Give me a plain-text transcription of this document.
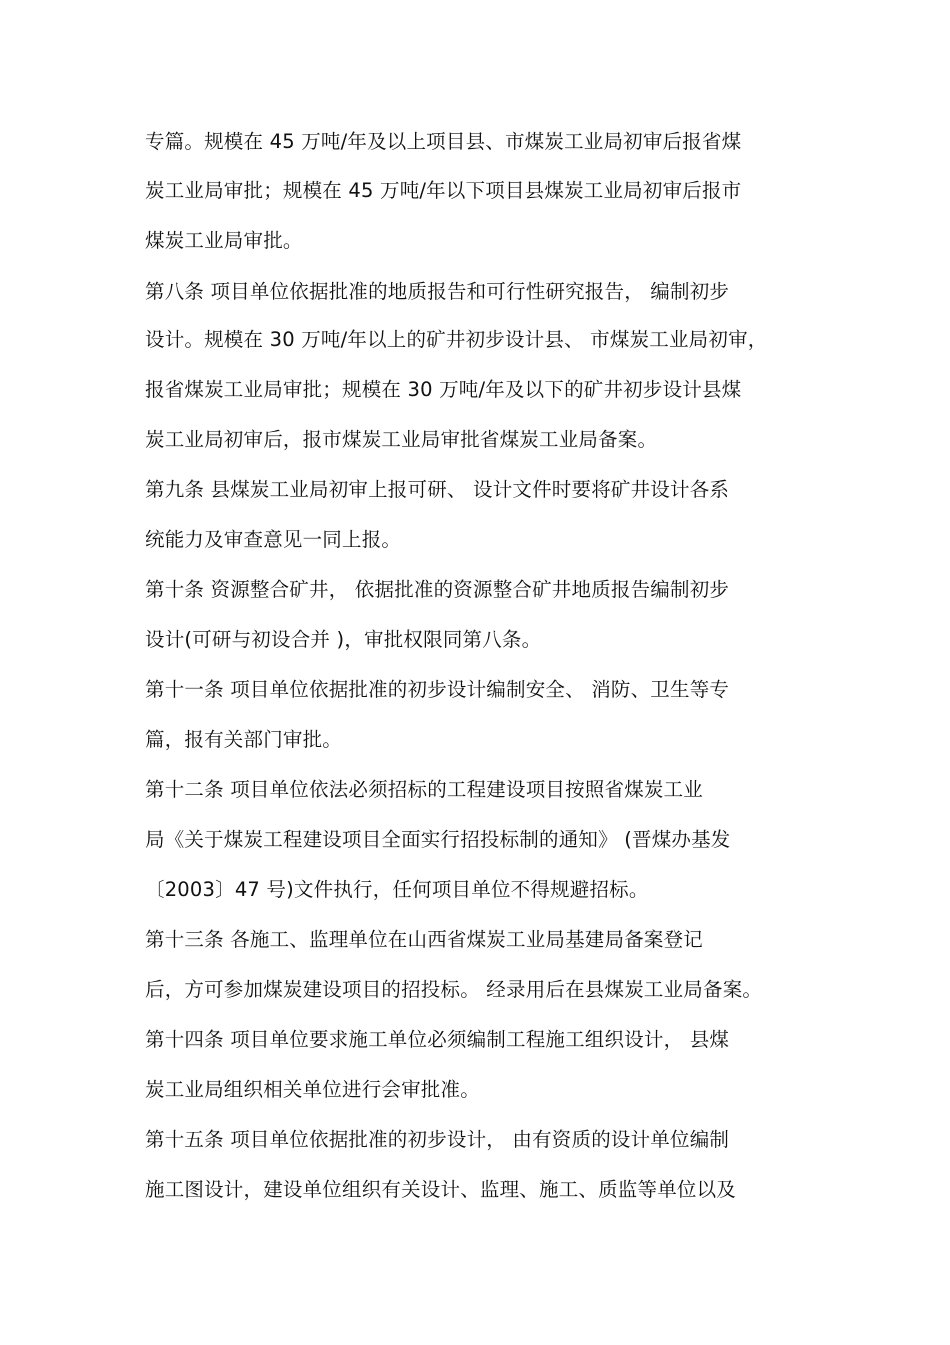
专篇。规模在 45 万吨/年及以上项目县、市煤炭工业局初审后报省煤
炭工业局审批；规模在 45 万吨/年以下项目县煤炭工业局初审后报市
煤炭工业局审批。
第八条 项目单位依据批准的地质报告和可行性研究报告， 编制初步
设计。规模在 30 万吨/年以上的矿井初步设计县、 市煤炭工业局初审，
报省煤炭工业局审批；规模在 30 万吨/年及以下的矿井初步设计县煤
炭工业局初审后，报市煤炭工业局审批省煤炭工业局备案。
第九条 县煤炭工业局初审上报可研、 设计文件时要将矿井设计各系
统能力及审查意见一同上报。
第十条 资源整合矿井， 依据批准的资源整合矿井地质报告编制初步
设计(可研与初设合并 )，审批权限同第八条。
第十一条 项目单位依据批准的初步设计编制安全、 消防、卫生等专
篇，报有关部门审批。
第十二条 项目单位依法必须招标的工程建设项目按照省煤炭工业
局《关于煤炭工程建设项目全面实行招投标制的通知》 (晋煤办基发
〔2003〕47 号)文件执行，任何项目单位不得规避招标。
第十三条 各施工、监理单位在山西省煤炭工业局基建局备案登记
后，方可参加煤炭建设项目的招投标。 经录用后在县煤炭工业局备案。
第十四条 项目单位要求施工单位必须编制工程施工组织设计， 县煤
炭工业局组织相关单位进行会审批准。
第十五条 项目单位依据批准的初步设计， 由有资质的设计单位编制
施工图设计，建设单位组织有关设计、监理、施工、质监等单位以及
